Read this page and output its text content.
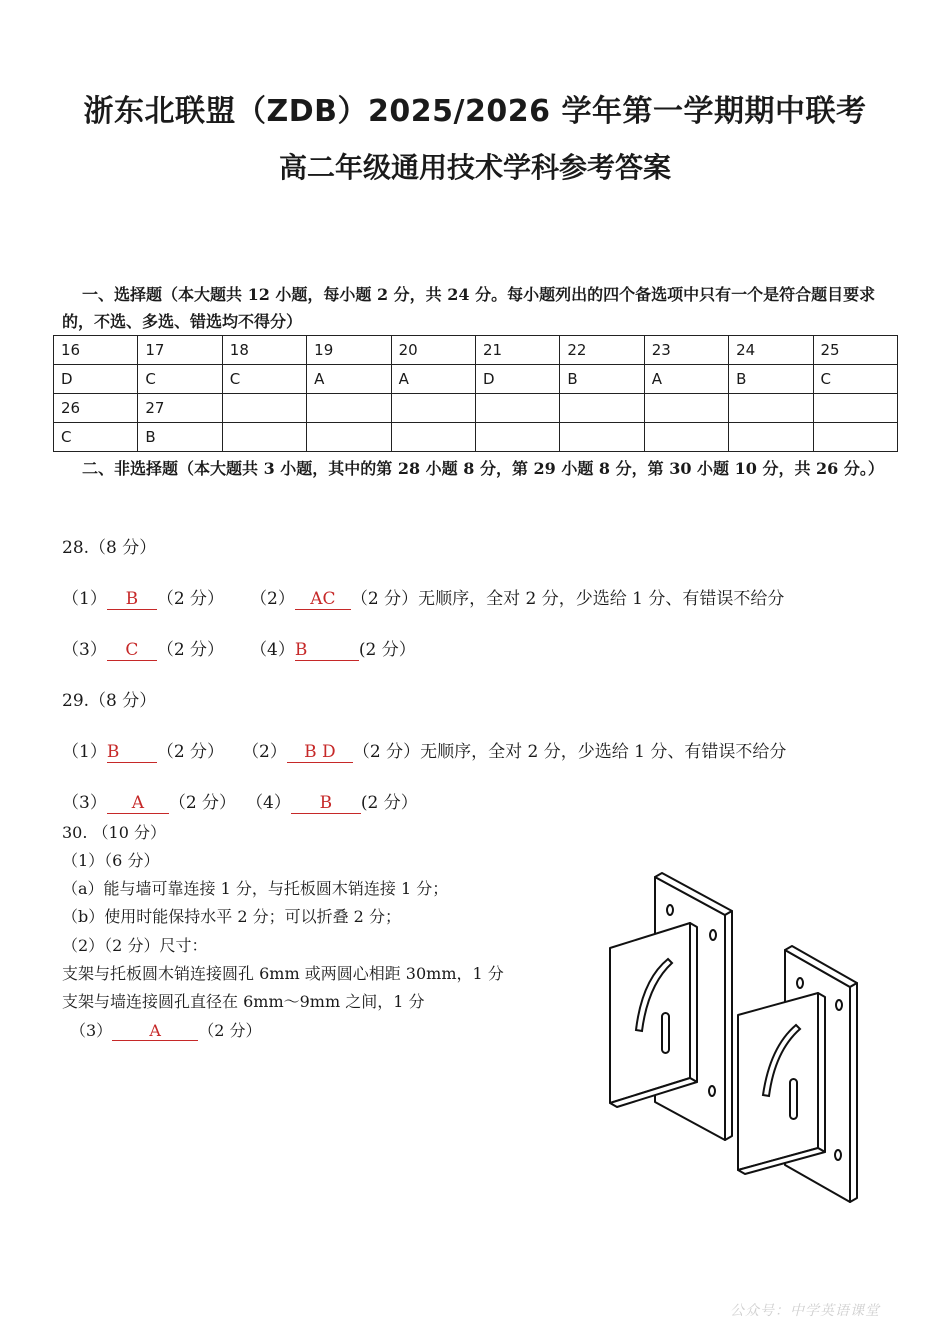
浙东北联盟（ZDB）2025/2026 学年第一学期期中联考
高二年级通用技术学科参考答案
一、选择题（本大题共 12 小题，每小题 2 分，共 24 分。每小题列出的四个备选项中只有一个是符合题目要求的，不选、多选、错选均不得分）
16	17	18	19	20	21	22	23	24	25
D	C	C	A	A	D	B	A	B	C
26	27								
C	B								
二、非选择题（本大题共 3 小题，其中的第 28 小题 8 分，第 29 小题 8 分，第 30 小题 10 分，共 26 分。）
28.（8 分）
（1） B （2 分） （2） AC （2 分）无顺序，全对 2 分，少选给 1 分、有错误不给分
（3） C （2 分） （4）B	(2 分）
29.（8 分）
（1）B （2 分） （2） B D （2 分）无顺序，全对 2 分，少选给 1 分、有错误不给分
（3） A （2 分） （4） B (2 分）
30. （10 分）
（1）（6 分）
（a）能与墙可靠连接 1 分，与托板圆木销连接 1 分；
（b）使用时能保持水平 2 分；可以折叠 2 分；
（2）（2 分）尺寸：
支架与托板圆木销连接圆孔 6mm 或两圆心相距 30mm，1 分
支架与墙连接圆孔直径在 6mm～9mm 之间，1 分
（3） A （2 分）
公众号：中学英语课堂
